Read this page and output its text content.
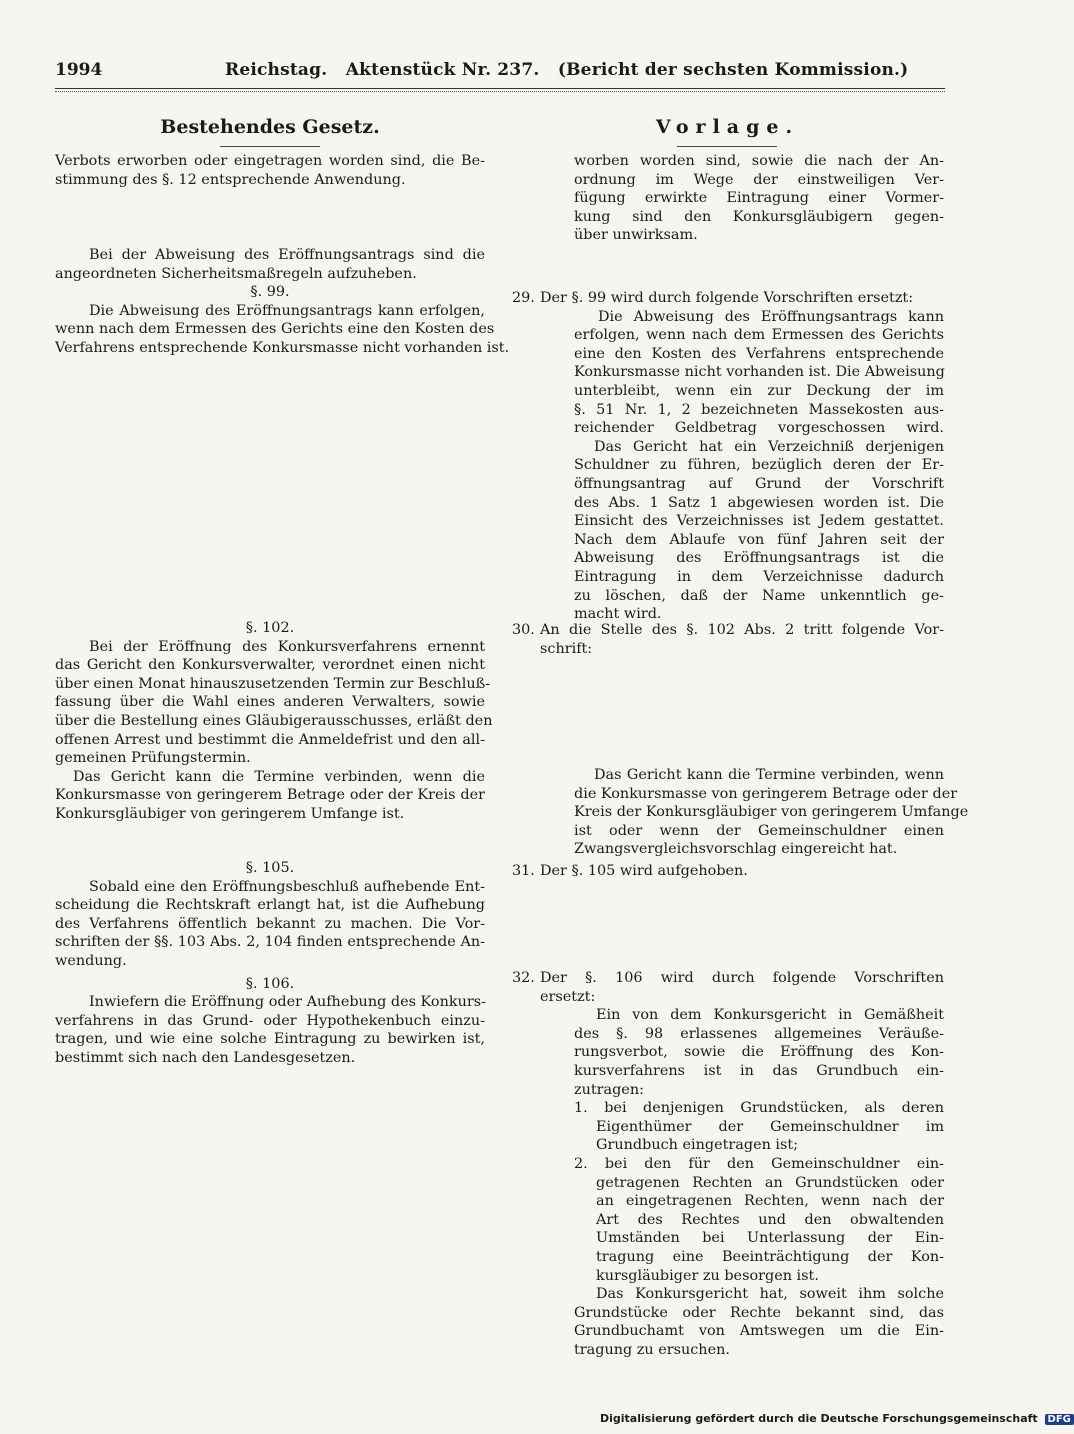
1994	Reichstag.   Aktenstück Nr. 237.   (Bericht der sechsten Kommission.)
Bestehendes Gesetz.	Vorlage.
Verbots erworben oder eingetragen worden sind, die Be-
stimmung des §. 12 entsprechende Anwendung.
Bei der Abweisung des Eröffnungsantrags sind die
angeordneten Sicherheitsmaßregeln aufzuheben.
§. 99.
Die Abweisung des Eröffnungsantrags kann erfolgen,
wenn nach dem Ermessen des Gerichts eine den Kosten des
Verfahrens entsprechende Konkursmasse nicht vorhanden ist.
§. 102.
Bei der Eröffnung des Konkursverfahrens ernennt
das Gericht den Konkursverwalter, verordnet einen nicht
über einen Monat hinauszusetzenden Termin zur Beschluß-
fassung über die Wahl eines anderen Verwalters, sowie
über die Bestellung eines Gläubigerausschusses, erläßt den
offenen Arrest und bestimmt die Anmeldefrist und den all-
gemeinen Prüfungstermin.
Das Gericht kann die Termine verbinden, wenn die
Konkursmasse von geringerem Betrage oder der Kreis der
Konkursgläubiger von geringerem Umfange ist.
§. 105.
Sobald eine den Eröffnungsbeschluß aufhebende Ent-
scheidung die Rechtskraft erlangt hat, ist die Aufhebung
des Verfahrens öffentlich bekannt zu machen. Die Vor-
schriften der §§. 103 Abs. 2, 104 finden entsprechende An-
wendung.
§. 106.
Inwiefern die Eröffnung oder Aufhebung des Konkurs-
verfahrens in das Grund- oder Hypothekenbuch einzu-
tragen, und wie eine solche Eintragung zu bewirken ist,
bestimmt sich nach den Landesgesetzen.
worben worden sind, sowie die nach der An-
ordnung im Wege der einstweiligen Ver-
fügung erwirkte Eintragung einer Vormer-
kung sind den Konkursgläubigern gegen-
über unwirksam.
29. Der §. 99 wird durch folgende Vorschriften ersetzt:
Die Abweisung des Eröffnungsantrags kann
erfolgen, wenn nach dem Ermessen des Gerichts
eine den Kosten des Verfahrens entsprechende
Konkursmasse nicht vorhanden ist. Die Abweisung
unterbleibt, wenn ein zur Deckung der im
§. 51 Nr. 1, 2 bezeichneten Massekosten aus-
reichender Geldbetrag vorgeschossen wird.
Das Gericht hat ein Verzeichniß derjenigen
Schuldner zu führen, bezüglich deren der Er-
öffnungsantrag auf Grund der Vorschrift
des Abs. 1 Satz 1 abgewiesen worden ist. Die
Einsicht des Verzeichnisses ist Jedem gestattet.
Nach dem Ablaufe von fünf Jahren seit der
Abweisung des Eröffnungsantrags ist die
Eintragung in dem Verzeichnisse dadurch
zu löschen, daß der Name unkenntlich ge-
macht wird.
30. An die Stelle des §. 102 Abs. 2 tritt folgende Vor-
schrift:
Das Gericht kann die Termine verbinden, wenn
die Konkursmasse von geringerem Betrage oder der
Kreis der Konkursgläubiger von geringerem Umfange
ist oder wenn der Gemeinschuldner einen
Zwangsvergleichsvorschlag eingereicht hat.
31. Der §. 105 wird aufgehoben.
32. Der §. 106 wird durch folgende Vorschriften
ersetzt:
Ein von dem Konkursgericht in Gemäßheit
des §. 98 erlassenes allgemeines Veräuße-
rungsverbot, sowie die Eröffnung des Kon-
kursverfahrens ist in das Grundbuch ein-
zutragen:
1. bei denjenigen Grundstücken, als deren
Eigenthümer der Gemeinschuldner im
Grundbuch eingetragen ist;
2. bei den für den Gemeinschuldner ein-
getragenen Rechten an Grundstücken oder
an eingetragenen Rechten, wenn nach der
Art des Rechtes und den obwaltenden
Umständen bei Unterlassung der Ein-
tragung eine Beeinträchtigung der Kon-
kursgläubiger zu besorgen ist.
Das Konkursgericht hat, soweit ihm solche
Grundstücke oder Rechte bekannt sind, das
Grundbuchamt von Amtswegen um die Ein-
tragung zu ersuchen.
Digitalisierung gefördert durch die Deutsche Forschungsgemeinschaft DFG
